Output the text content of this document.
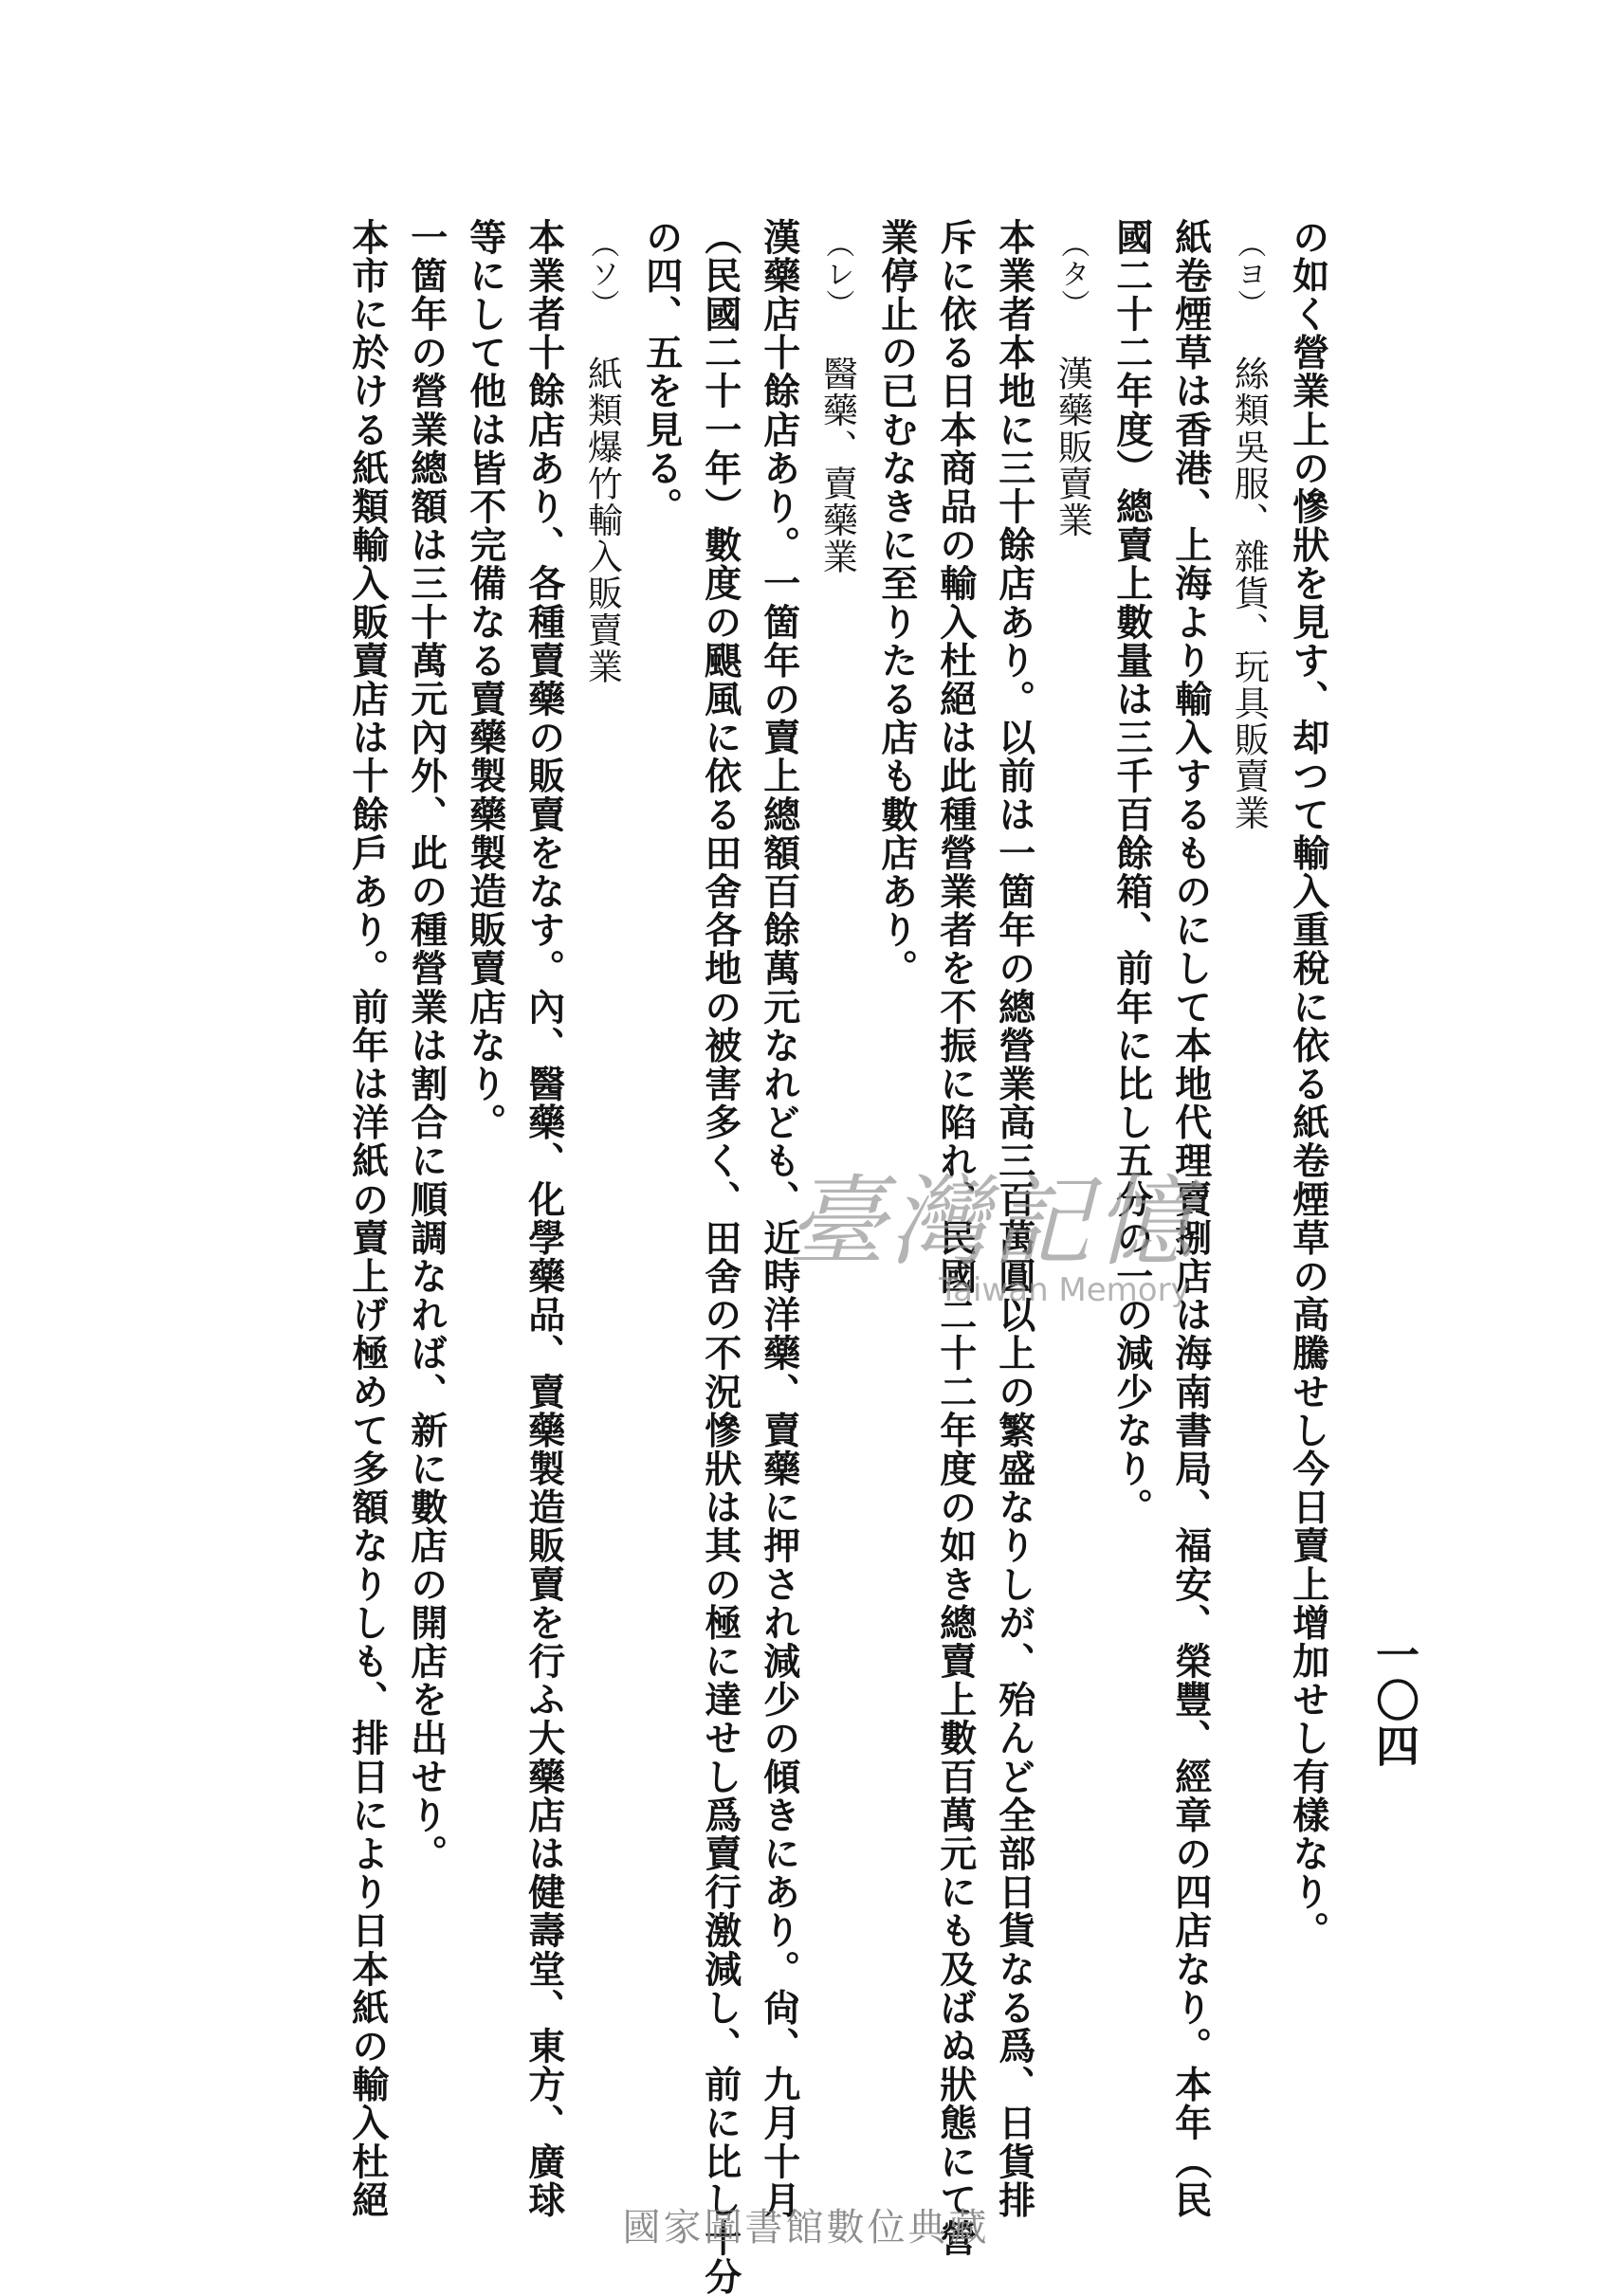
一〇四
の如く營業上の慘狀を見す、却つて輸入重稅に依る紙卷煙草の高騰せし今日賣上增加せし有樣なり。
（ヨ）絲類吳服、雜貨、玩具販賣業
紙卷煙草は香港、上海より輸入するものにして本地代理賣捌店は海南書局、福安、榮豐、經章の四店なり。本年（民
國二十二年度）總賣上數量は三千百餘箱、前年に比し五分の一の減少なり。
（タ）漢藥販賣業
本業者本地に三十餘店あり。以前は一箇年の總營業高三百萬圓以上の繁盛なりしが、殆んど全部日貨なる爲、日貨排
斥に依る日本商品の輸入杜絕は此種營業者を不振に陷れ、民國二十二年度の如き總賣上數百萬元にも及ばぬ狀態にて營
業停止の已むなきに至りたる店も數店あり。
（レ）醫藥、賣藥業
漢藥店十餘店あり。一箇年の賣上總額百餘萬元なれども、近時洋藥、賣藥に押され減少の傾きにあり。尙、九月十月
（民國二十一年）數度の颶風に依る田舍各地の被害多く、田舍の不況慘狀は其の極に達せし爲賣行激減し、前に比し十分
の四、五を見る。
（ソ）紙類爆竹輸入販賣業
本業者十餘店あり、各種賣藥の販賣をなす。內、醫藥、化學藥品、賣藥製造販賣を行ふ大藥店は健壽堂、東方、廣球
等にして他は皆不完備なる賣藥製藥製造販賣店なり。
一箇年の營業總額は三十萬元內外、此の種營業は割合に順調なれば、新に數店の開店を出せり。
本市に於ける紙類輸入販賣店は十餘戶あり。前年は洋紙の賣上げ極めて多額なりしも、排日により日本紙の輸入杜絕	臺灣記憶
Taiwan Memory
國家圖書館數位典藏
